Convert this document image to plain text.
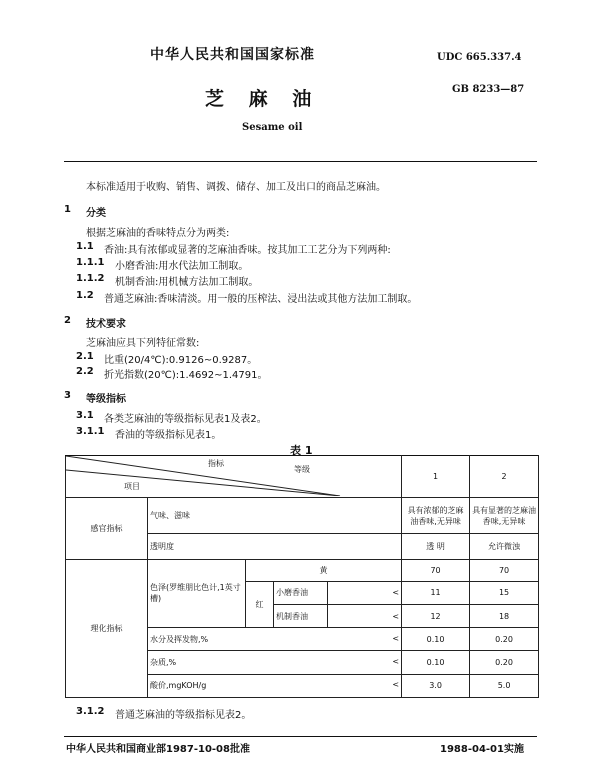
中华人民共和国国家标准	UDC 665.337.4
芝 麻 油	GB 8233—87
Sesame oil
本标准适用于收购、销售、调拨、储存、加工及出口的商品芝麻油。
1 分类
根据芝麻油的香味特点分为两类:
1.1 香油:具有浓郁或显著的芝麻油香味。按其加工工艺分为下列两种:
1.1.1 小磨香油:用水代法加工制取。
1.1.2 机制香油:用机械方法加工制取。
1.2 普通芝麻油:香味清淡。用一般的压榨法、浸出法或其他方法加工制取。
2 技术要求
芝麻油应具下列特征常数:
2.1 比重(20/4℃):0.9126~0.9287。
2.2 折光指数(20℃):1.4692~1.4791。
3 等级指标
3.1 各类芝麻油的等级指标见表1及表2。
3.1.1 香油的等级指标见表1。
表 1
指标
等级
项目					1	2
感官指标	气味、滋味				具有浓郁的芝麻油香味,无异味	具有显著的芝麻油香味,无异味
	透明度				透 明	允许微浊
理化指标	色泽(罗维朋比色计,1英寸槽)	黄			70	70
		红	小磨香油	<	11	15
			机制香油	<	12	18
	水分及挥发物,% <				0.10	0.20
	杂质,% <				0.10	0.20
	酸价,mgKOH/g <				3.0	5.0
3.1.2 普通芝麻油的等级指标见表2。
中华人民共和国商业部1987-10-08批准	1988-04-01实施
